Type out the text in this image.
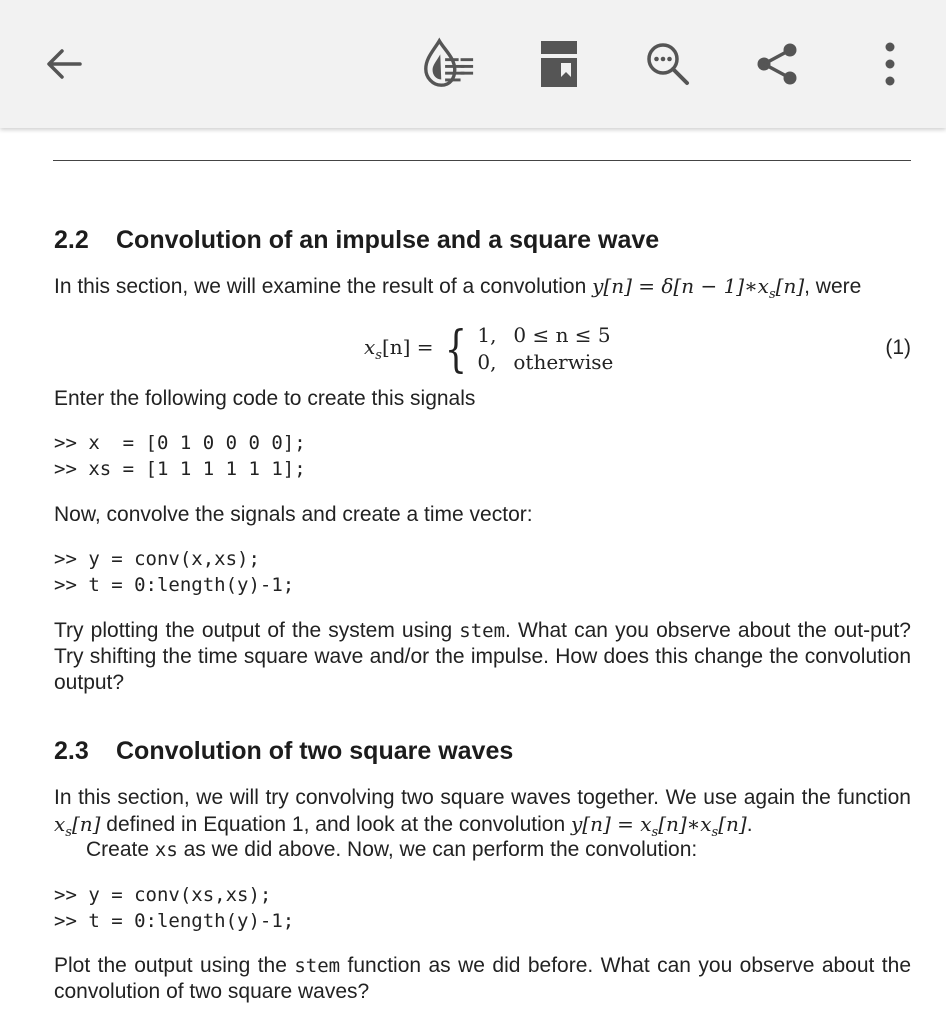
2.2 Convolution of an impulse and a square wave

In this section, we will examine the result of a convolution $y[n] = \delta[n - 1]∗x_s[n]$, were

$x_s[n]$ = { 1, 0 ≤ n ≤ 5
0, otherwise
(1)

Enter the following code to create this signals

>> x  = [0 1 0 0 0 0];
>> xs = [1 1 1 1 1 1];

Now, convolve the signals and create a time vector:

>> y = conv(x,xs);
>> t = 0:length(y)-1;

Try plotting the output of the system using stem. What can you observe about the out-put? Try shifting the time square wave and/or the impulse. How does this change the convolution output?

2.3 Convolution of two square waves

In this section, we will try convolving two square waves together. We use again the function $x_s[n]$ defined in Equation 1, and look at the convolution $y[n] = x_s[n]∗x_s[n]$.

Create xs as we did above. Now, we can perform the convolution:

>> y = conv(xs,xs);
>> t = 0:length(y)-1;

Plot the output using the stem function as we did before. What can you observe about the convolution of two square waves?
